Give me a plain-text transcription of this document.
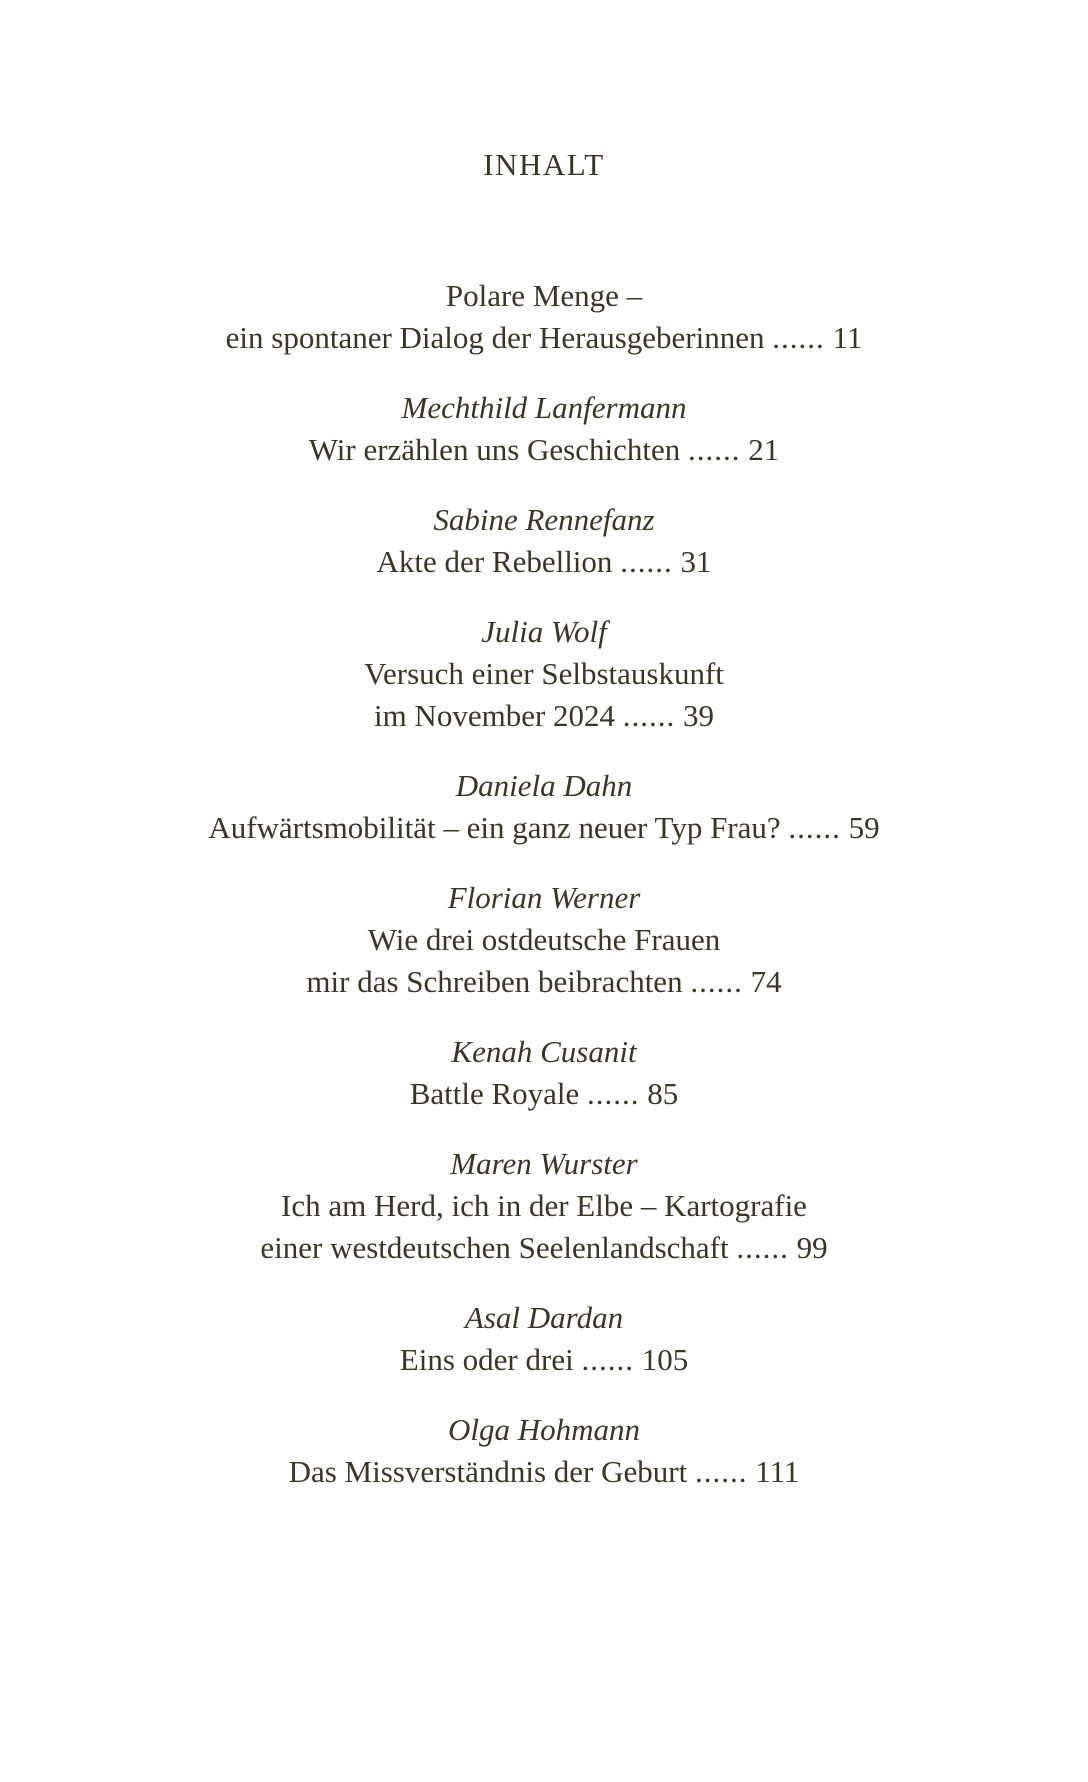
INHALT
Polare Menge –
ein spontaner Dialog der Herausgeberinnen ...... 11
Mechthild Lanfermann
Wir erzählen uns Geschichten ...... 21
Sabine Rennefanz
Akte der Rebellion ...... 31
Julia Wolf
Versuch einer Selbstauskunft
im November 2024 ...... 39
Daniela Dahn
Aufwärtsmobilität – ein ganz neuer Typ Frau? ...... 59
Florian Werner
Wie drei ostdeutsche Frauen
mir das Schreiben beibrachten ...... 74
Kenah Cusanit
Battle Royale ...... 85
Maren Wurster
Ich am Herd, ich in der Elbe – Kartografie
einer westdeutschen Seelenlandschaft ...... 99
Asal Dardan
Eins oder drei ...... 105
Olga Hohmann
Das Missverständnis der Geburt ...... 111
